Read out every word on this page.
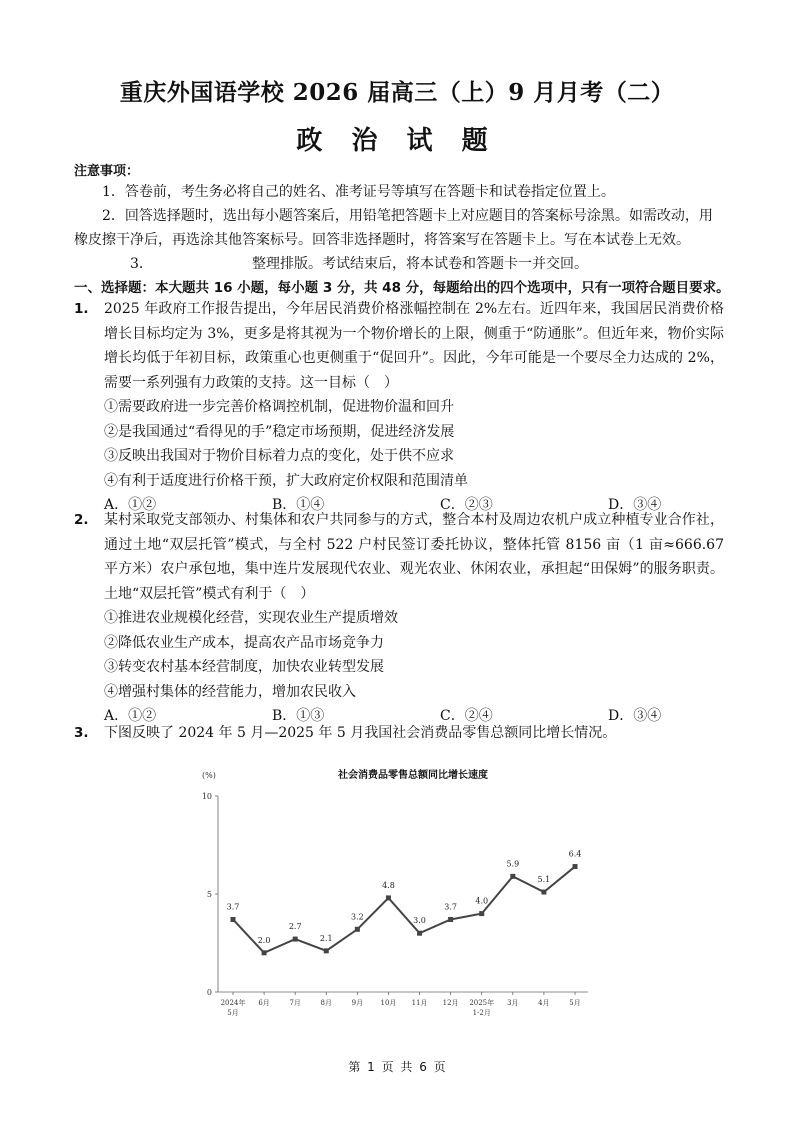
重庆外国语学校 2026 届高三（上）9 月月考（二）
政 治 试 题
注意事项：
1．答卷前，考生务必将自己的姓名、准考证号等填写在答题卡和试卷指定位置上。
2．回答选择题时，选出每小题答案后，用铅笔把答题卡上对应题目的答案标号涂黑。如需改动，用橡皮擦干净后，再选涂其他答案标号。回答非选择题时，将答案写在答题卡上。写在本试卷上无效。
3．	整理排版。考试结束后，将本试卷和答题卡一并交回。
一、选择题：本大题共 16 小题，每小题 3 分，共 48 分，每题给出的四个选项中，只有一项符合题目要求。
1. 2025 年政府工作报告提出，今年居民消费价格涨幅控制在 2%左右。近四年来，我国居民消费价格增长目标均定为 3%，更多是将其视为一个物价增长的上限，侧重于“防通胀”。但近年来，物价实际增长均低于年初目标，政策重心也更侧重于“促回升”。因此，今年可能是一个要尽全力达成的 2%，需要一系列强有力政策的支持。这一目标（　）
①需要政府进一步完善价格调控机制，促进物价温和回升
②是我国通过“看得见的手”稳定市场预期，促进经济发展
③反映出我国对于物价目标着力点的变化，处于供不应求
④有利于适度进行价格干预，扩大政府定价权限和范围清单
A．①②	B．①④	C．②③	D．③④
2. 某村采取党支部领办、村集体和农户共同参与的方式，整合本村及周边农机户成立种植专业合作社，通过土地“双层托管”模式，与全村 522 户村民签订委托协议，整体托管 8156 亩（1 亩≈666.67 平方米）农户承包地，集中连片发展现代农业、观光农业、休闲农业，承担起“田保姆”的服务职责。土地“双层托管”模式有利于（　）
①推进农业规模化经营，实现农业生产提质增效
②降低农业生产成本，提高农产品市场竞争力
③转变农村基本经营制度，加快农业转型发展
④增强村集体的经营能力，增加农民收入
A．①②	B．①③	C．②④	D．③④
3. 下图反映了 2024 年 5 月—2025 年 5 月我国社会消费品零售总额同比增长情况。
社会消费品零售总额同比增长速度
(%)
0
5
10
2024年
5月
6月	7月	8月	9月 10月 11月 12月 2025年
1-2月
3月	4月	5月
3.7
2.0
2.7
2.1
3.2
4.8
3.0
3.7
4.0
5.9
5.1
6.4
第 1 页 共 6 页
